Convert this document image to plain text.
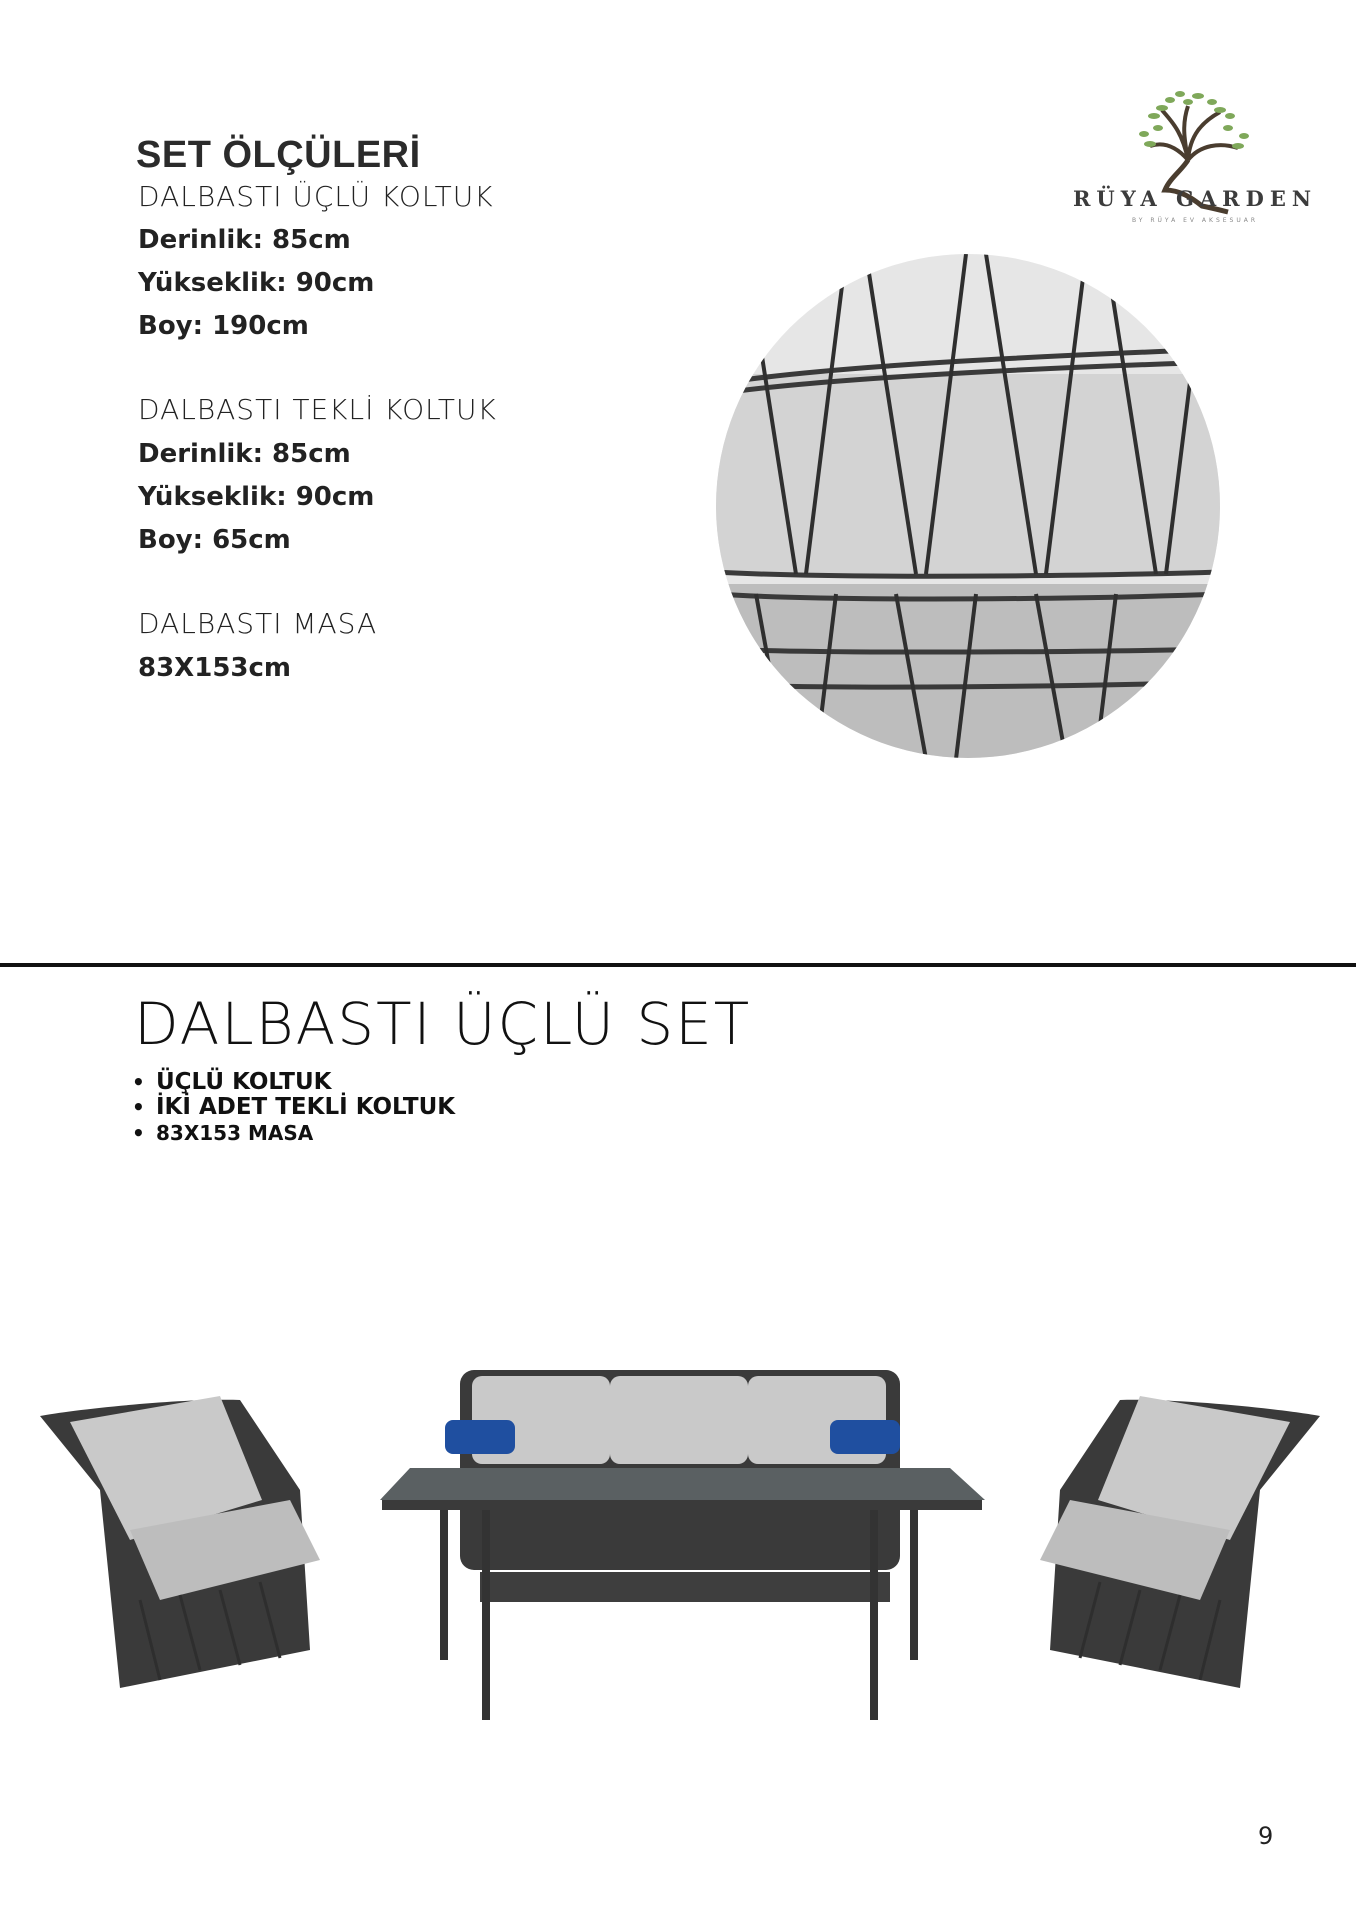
SET ÖLÇÜLERİ
DALBASTI ÜÇLÜ KOLTUK
Derinlik: 85cm
Yükseklik: 90cm
Boy: 190cm
DALBASTI TEKLİ KOLTUK
Derinlik: 85cm
Yükseklik: 90cm
Boy: 65cm
DALBASTI MASA
83X153cm
RÜYA GARDEN
BY RÜYA EV AKSESUAR
DALBASTI ÜÇLÜ SET
• ÜÇLÜ KOLTUK
• İKİ ADET TEKLİ KOLTUK
• 83X153 MASA
9
